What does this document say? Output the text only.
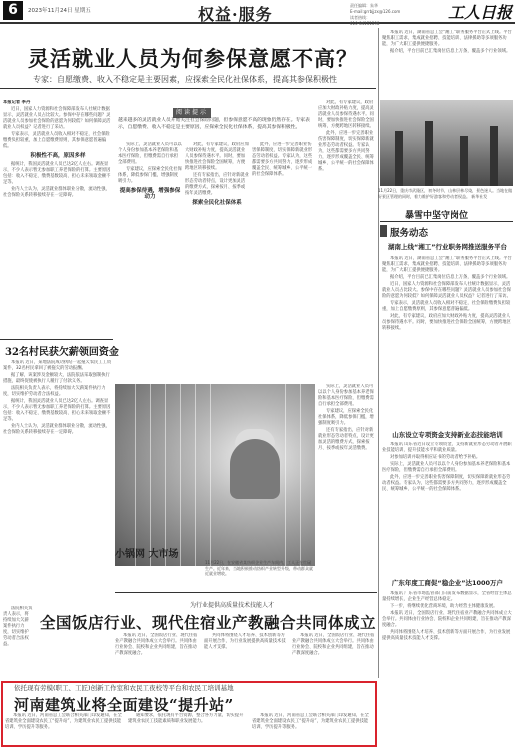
6	2023年11月24日 星期五	权益·服务	责任编辑：朱华
E-mail:grrbjjzx@126.com
读者热线：
010-84151598
工人日报
灵活就业人员为何参保意愿不高？
专家：自愿缴费、收入不稳定是主要因素，应探索全民化社保体系，提高其参保积极性
阅读提示
越来越多的灵活就业人员开始关注社会保险问题，但参保意愿不高的现象仍然存在。专家表示，自愿缴费、收入不稳定是主要原因，应探索全民化社保体系，提高其参保积极性。

本报记者 李丹

近日，国家人力资源和社会保障部发布人社统计数据显示，灵活就业人员占比较大。参保中存在哪些问题？灵活就业人员参加社会保险的意愿为何较低？如何保障灵活就业人员权益？记者进行了采访。

专家表示，灵活就业人员收入相对不稳定，社会保险缴费负担较重，加上自愿缴费原则，其参保意愿普遍偏低。

积极性不高，原因多样

据统计，我国灵活就业人员已达2亿人左右。调查显示，不少人表示暂无参加职工养老保险的打算。主要原因包括：收入不稳定、缴费基数较高、担心未来领取金额不足等。

业内人士认为，灵活就业群体职业分散，流动性强，社会保险关系转移接续存在一定障碍。

实际上，灵活就业人员可以以个人身份参加基本养老保险和基本医疗保险，但缴费需自行承担全部费用。

专家建议，应探索全民化社保体系，降低参保门槛，增强制度吸引力。

提高参保待遇，增强参保动力

对此，有专家建议，政府应加大财政补贴力度，提高灵活就业人员参保待遇水平。同时，要加快推进社会保险全国统筹，方便跨地区转移接续。

还有专家指出，应针对新就业形态劳动者特点，设计更加灵活的缴费方式，探索按月、按季或按年灵活缴费。

探索全民化社保体系

此外，应进一步完善职业伤害保障制度，切实保障新就业形态劳动者权益。专家认为，这些都需要多方共同努力，逐步形成覆盖全民、统筹城乡、公平统一的社会保障体系。

对此，有专家建议，政府应加大财政补贴力度，提高灵活就业人员参保待遇水平。同时，要加快推进社会保险全国统筹，方便跨地区转移接续。

此外，应进一步完善职业伤害保障制度，切实保障新就业形态劳动者权益。专家认为，这些都需要多方共同努力，逐步形成覆盖全民、统筹城乡、公平统一的社会保障体系。

32名村民获欠薪领回资金

本报讯 近日，某地法院成功执结一起拖欠农民工工资案件，32名村民拿回了被拖欠的劳动报酬。

据了解，该案涉及金额较大，法院依法采取强制执行措施，最终促使被执行人履行了付款义务。

法院相关负责人表示，将持续加大欠薪案件执行力度，切实维护劳动者合法权益。

据统计，我国灵活就业人员已达2亿人左右。调查显示，不少人表示暂无参加职工养老保险的打算。主要原因包括：收入不稳定、缴费基数较高、担心未来领取金额不足等。

业内人士认为，灵活就业群体职业分散，流动性强，社会保险关系转移接续存在一定障碍。

小锅网 大市场
11月22日，在安徽省某纺织企业生产车间内，工人正在忙碌生产。近年来，当地积极推动纺织产业转型升级，带动群众就近就业增收。

实际上，灵活就业人员可以以个人身份参加基本养老保险和基本医疗保险，但缴费需自行承担全部费用。

专家建议，应探索全民化社保体系，降低参保门槛，增强制度吸引力。

还有专家指出，应针对新就业形态劳动者特点，设计更加灵活的缴费方式，探索按月、按季或按年灵活缴费。

为行业提供高质量技术技能人才
全国饭店行业、现代住宿业产教融合共同体成立

法院相关负责人表示，将持续加大欠薪案件执行力度，切实维护劳动者合法权益。

本报讯 近日，全国饭店行业、现代住宿业产教融合共同体成立大会举行。共同体由行业协会、院校和企业共同组建，旨在推动产教深度融合。

共同体将围绕人才培养、技术创新等方面开展合作，为行业发展提供高质量技术技能人才支撑。

本报讯 近日，全国饭店行业、现代住宿业产教融合共同体成立大会举行。共同体由行业协会、院校和企业共同组建，旨在推动产教深度融合。

依托现有劳模(职工、工匠)创新工作室和农民工夜校等平台和农民工培训基地
河南建筑业将全面建设“提升站”

本报讯 近日，河南省总工会联合相关部门印发通知，在全省建筑业全面建设农民工“提升站”，为建筑业农民工提供技能培训、学历提升等服务。

通知要求，依托现有平台资源，整合各方力量，切实提升建筑业农民工技能素质和职业发展能力。

本报讯 近日，河南省总工会联合相关部门印发通知，在全省建筑业全面建设农民工“提升站”，为建筑业农民工提供技能培训、学历提升等服务。

本报讯 近日，湖南省总工会“湘工”职务服务平台正式上线。平台聚焦职工需求，集成就业招聘、技能培训、法律援助等多项服务功能，为广大职工提供便捷服务。

据介绍，平台目前已汇集岗位信息上万条，覆盖多个行业领域。

11月22日，重庆市武隆区，初冬时节，山林层林尽染，景色迷人。当地在做好景区管理的同时，着力维护好游客和劳动者权益。 新华社发
暴雪中坚守岗位
服务动态
湖南上线“湘工”行业职务网推送服务平台

本报讯 近日，湖南省总工会“湘工”职务服务平台正式上线。平台聚焦职工需求，集成就业招聘、技能培训、法律援助等多项服务功能，为广大职工提供便捷服务。

据介绍，平台目前已汇集岗位信息上万条，覆盖多个行业领域。

近日，国家人力资源和社会保障部发布人社统计数据显示，灵活就业人员占比较大。参保中存在哪些问题？灵活就业人员参加社会保险的意愿为何较低？如何保障灵活就业人员权益？记者进行了采访。

专家表示，灵活就业人员收入相对不稳定，社会保险缴费负担较重，加上自愿缴费原则，其参保意愿普遍偏低。

对此，有专家建议，政府应加大财政补贴力度，提高灵活就业人员参保待遇水平。同时，要加快推进社会保险全国统筹，方便跨地区转移接续。

山东设立专项资金支持新业态技能培训

本报讯 山东省近日设立专项资金，支持新就业形态劳动者开展职业技能培训，提升技能水平和就业质量。

对参加培训并取得相应证书的劳动者给予补贴。

实际上，灵活就业人员可以以个人身份参加基本养老保险和基本医疗保险，但缴费需自行承担全部费用。

此外，应进一步完善职业伤害保障制度，切实保障新就业形态劳动者权益。专家认为，这些都需要多方共同努力，逐步形成覆盖全民、统筹城乡、公平统一的社会保障体系。

广东年度工商促“稳企业”达1000万户

本报讯 广东省市场监管部门日前发布数据显示，全省经营主体总量持续增长，企业生产经营总体稳定。

下一步，将继续优化营商环境，助力经营主体健康发展。

本报讯 近日，全国饭店行业、现代住宿业产教融合共同体成立大会举行。共同体由行业协会、院校和企业共同组建，旨在推动产教深度融合。

共同体将围绕人才培养、技术创新等方面开展合作，为行业发展提供高质量技术技能人才支撑。
